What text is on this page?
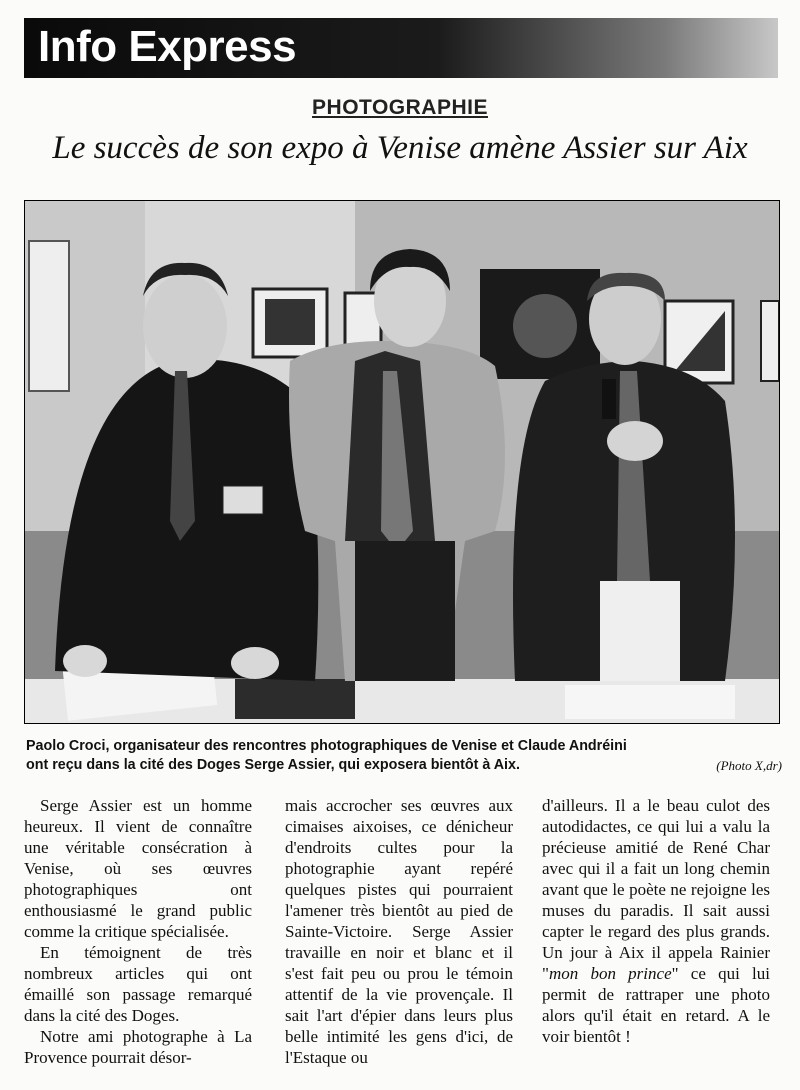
Info Express
PHOTOGRAPHIE
Le succès de son expo à Venise amène Assier sur Aix
Paolo Croci, organisateur des rencontres photographiques de Venise et Claude Andréini
ont reçu dans la cité des Doges Serge Assier, qui exposera bientôt à Aix.	(Photo X,dr)

Serge Assier est un homme heureux. Il vient de connaître une véritable consécration à Venise, où ses œuvres photographiques ont enthousiasmé le grand public comme la critique spécialisée.

En témoignent de très nombreux articles qui ont émaillé son passage remarqué dans la cité des Doges.

Notre ami photographe à La Provence pourrait désor-

mais accrocher ses œuvres aux cimaises aixoises, ce dénicheur d'endroits cultes pour la photographie ayant repéré quelques pistes qui pourraient l'amener très bientôt au pied de Sainte-Victoire. Serge Assier travaille en noir et blanc et il s'est fait peu ou prou le témoin attentif de la vie provençale. Il sait l'art d'épier dans leurs plus belle intimité les gens d'ici, de l'Estaque ou

d'ailleurs. Il a le beau culot des autodidactes, ce qui lui a valu la précieuse amitié de René Char avec qui il a fait un long chemin avant que le poète ne rejoigne les muses du paradis. Il sait aussi capter le regard des plus grands. Un jour à Aix il appela Rainier "mon bon prince" ce qui lui permit de rattraper une photo alors qu'il était en retard. A le voir bientôt !
